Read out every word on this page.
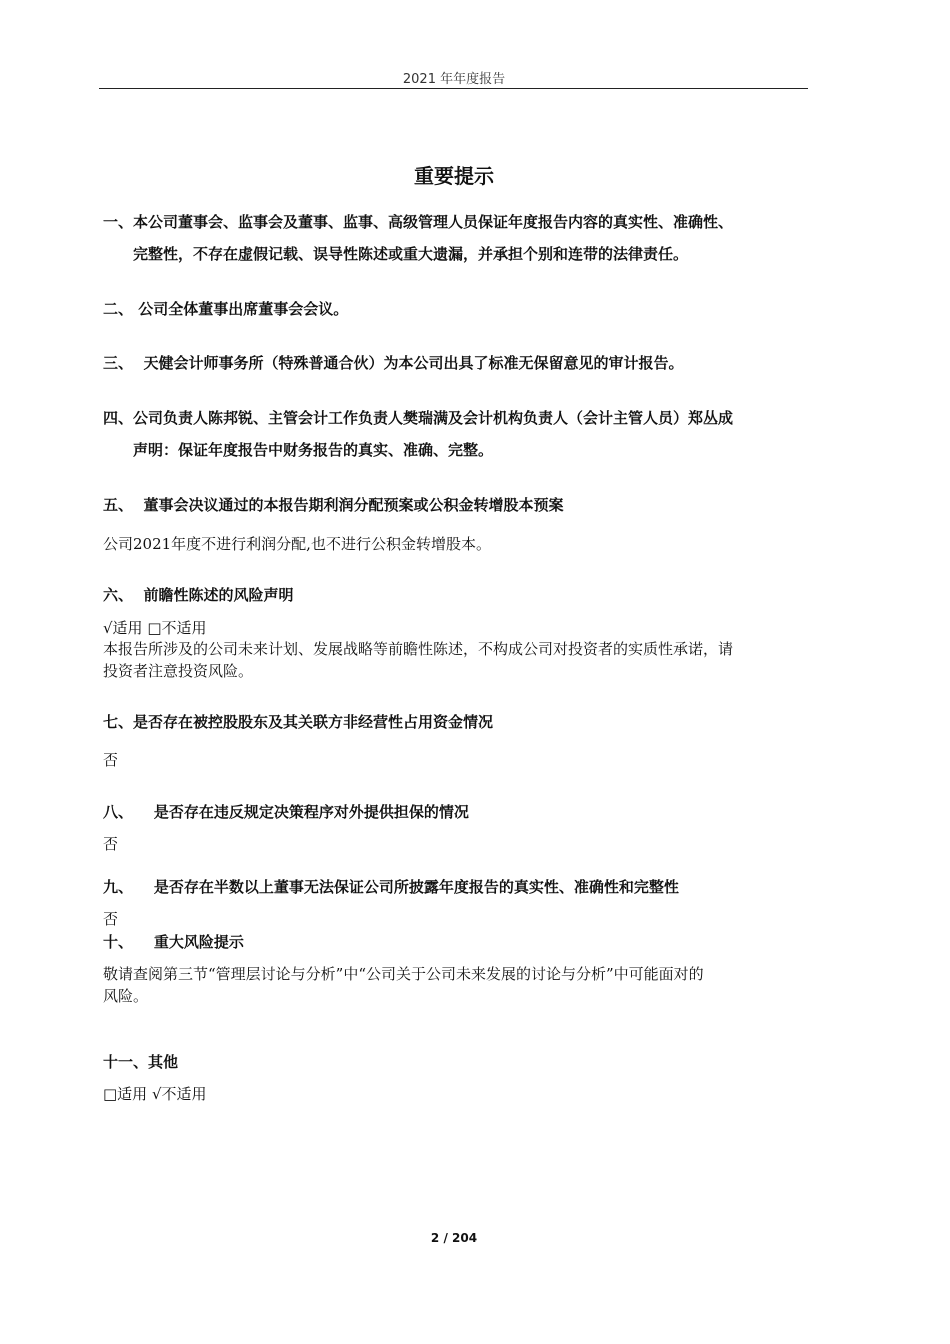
2021 年年度报告
重要提示
一、本公司董事会、监事会及董事、监事、高级管理人员保证年度报告内容的真实性、准确性、
完整性，不存在虚假记载、误导性陈述或重大遗漏，并承担个别和连带的法律责任。
二、 公司全体董事出席董事会会议。
三、 天健会计师事务所（特殊普通合伙）为本公司出具了标准无保留意见的审计报告。
四、公司负责人陈邦锐、主管会计工作负责人樊瑞满及会计机构负责人（会计主管人员）郑丛成
声明：保证年度报告中财务报告的真实、准确、完整。
五、 董事会决议通过的本报告期利润分配预案或公积金转增股本预案
公司2021年度不进行利润分配,也不进行公积金转增股本。
六、 前瞻性陈述的风险声明
√适用 □不适用
本报告所涉及的公司未来计划、发展战略等前瞻性陈述，不构成公司对投资者的实质性承诺，请
投资者注意投资风险。
七、是否存在被控股股东及其关联方非经营性占用资金情况
否
八、 是否存在违反规定决策程序对外提供担保的情况
否
九、 是否存在半数以上董事无法保证公司所披露年度报告的真实性、准确性和完整性
否
十、 重大风险提示
敬请查阅第三节“管理层讨论与分析”中“公司关于公司未来发展的讨论与分析”中可能面对的
风险。
十一、其他
□适用 √不适用
2 / 204
